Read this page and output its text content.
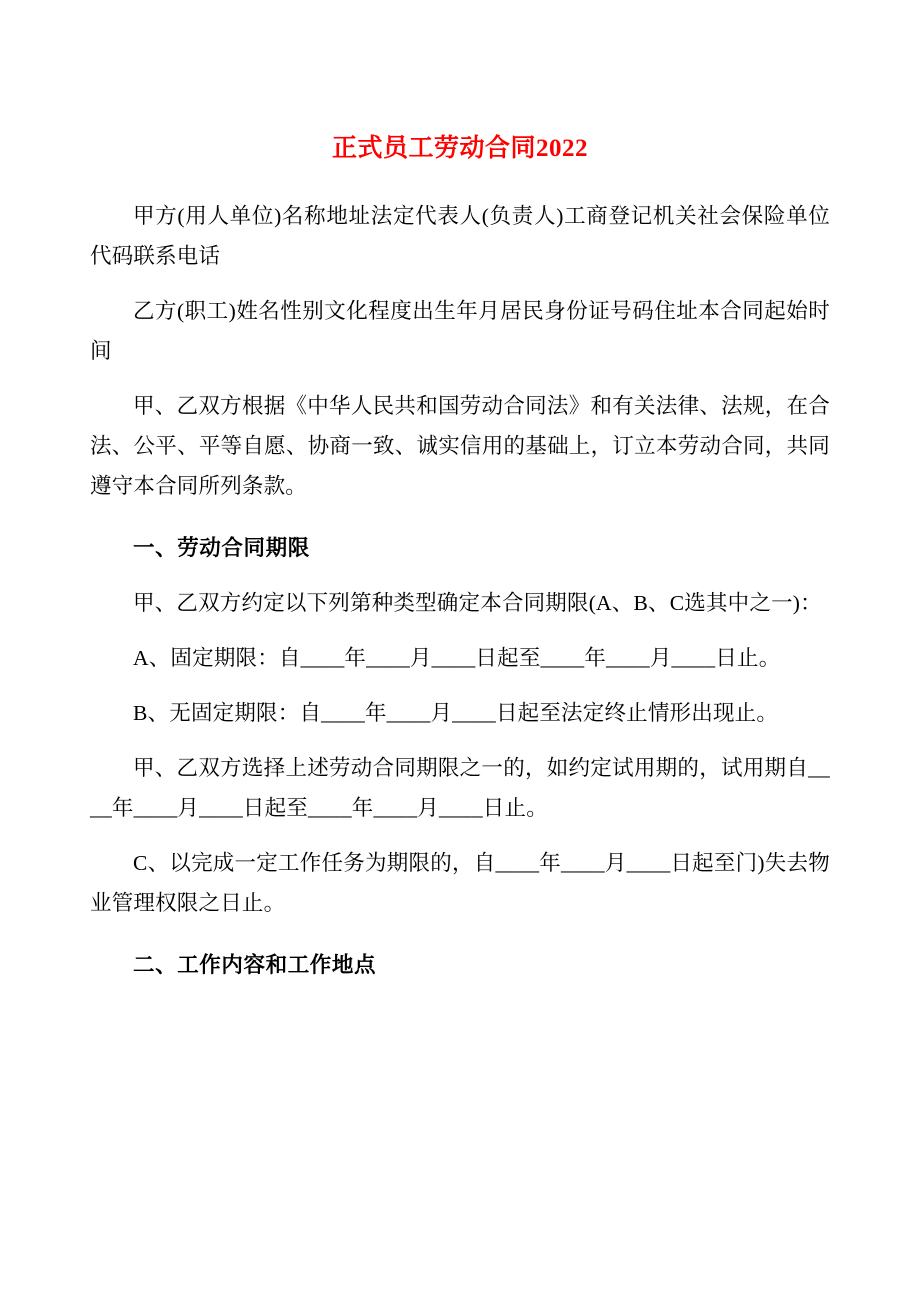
正式员工劳动合同2022

甲方(用人单位)名称地址法定代表人(负责人)工商登记机关社会保险单位代码联系电话

乙方(职工)姓名性别文化程度出生年月居民身份证号码住址本合同起始时间

甲、乙双方根据《中华人民共和国劳动合同法》和有关法律、法规，在合法、公平、平等自愿、协商一致、诚实信用的基础上，订立本劳动合同，共同遵守本合同所列条款。

一、劳动合同期限

甲、乙双方约定以下列第种类型确定本合同期限(A、B、C选其中之一)：

A、固定期限：自____年____月____日起至____年____月____日止。

B、无固定期限：自____年____月____日起至法定终止情形出现止。

甲、乙双方选择上述劳动合同期限之一的，如约定试用期的，试用期自____年____月____日起至____年____月____日止。

C、以完成一定工作任务为期限的，自____年____月____日起至门)失去物业管理权限之日止。

二、工作内容和工作地点
